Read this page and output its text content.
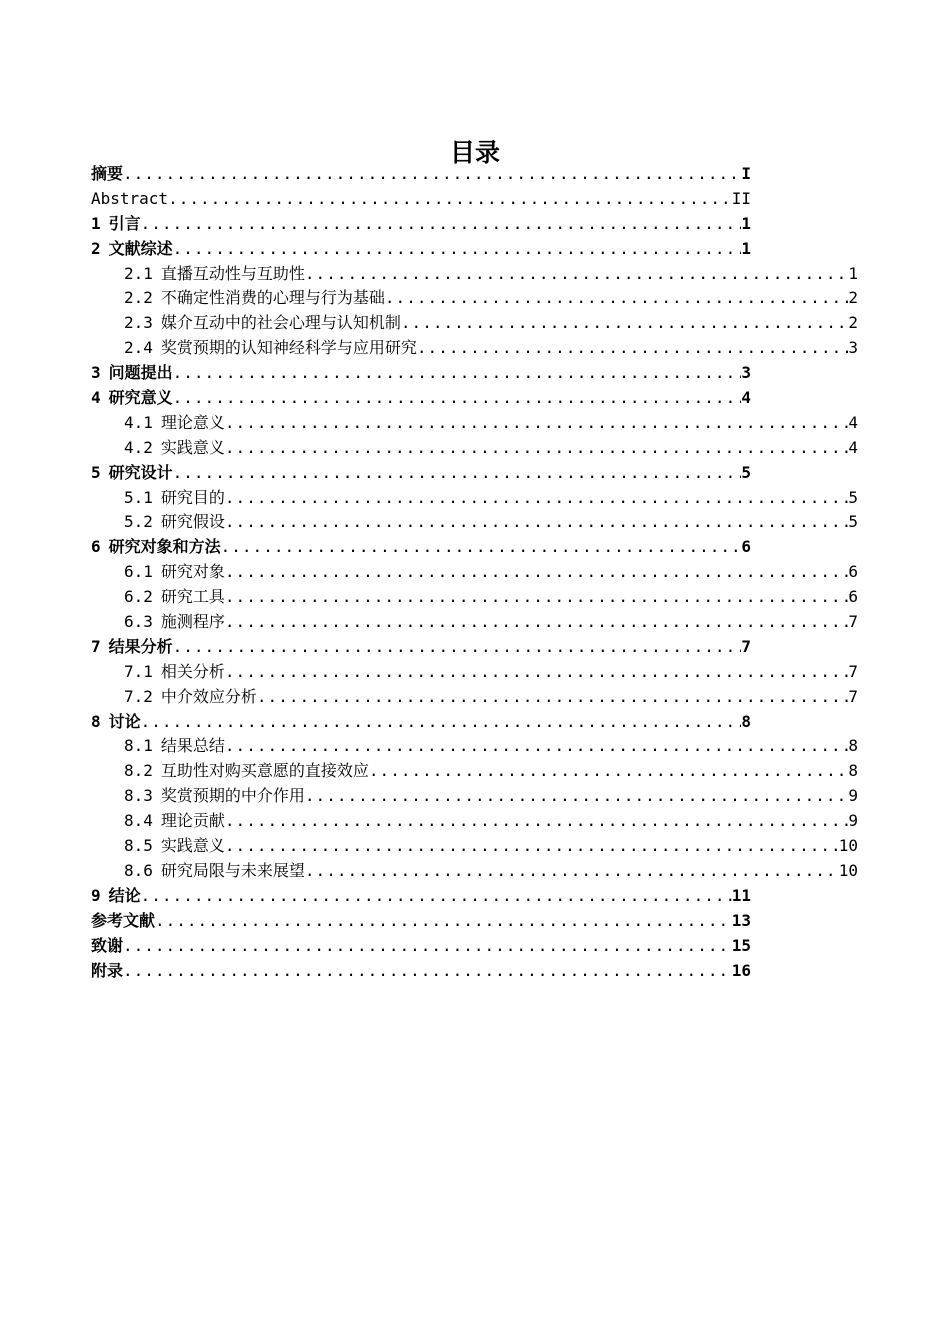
目录
摘要 .....	I
Abstract .....	II
1 引言 .....	1
2 文献综述 .....	1
2.1 直播互动性与互助性 .....	1
2.2 不确定性消费的心理与行为基础 .....	2
2.3 媒介互动中的社会心理与认知机制 .....	2
2.4 奖赏预期的认知神经科学与应用研究 .....	3
3 问题提出 .....	3
4 研究意义 .....	4
4.1 理论意义 .....	4
4.2 实践意义 .....	4
5 研究设计 .....	5
5.1 研究目的 .....	5
5.2 研究假设 .....	5
6 研究对象和方法 .....	6
6.1 研究对象 .....	6
6.2 研究工具 .....	6
6.3 施测程序 .....	7
7 结果分析 .....	7
7.1 相关分析 .....	7
7.2 中介效应分析 .....	7
8 讨论 .....	8
8.1 结果总结 .....	8
8.2 互助性对购买意愿的直接效应 .....	8
8.3 奖赏预期的中介作用 .....	9
8.4 理论贡献 .....	9
8.5 实践意义 .....	10
8.6 研究局限与未来展望 .....	10
9 结论 .....	11
参考文献 .....	13
致谢 .....	15
附录 .....	16
